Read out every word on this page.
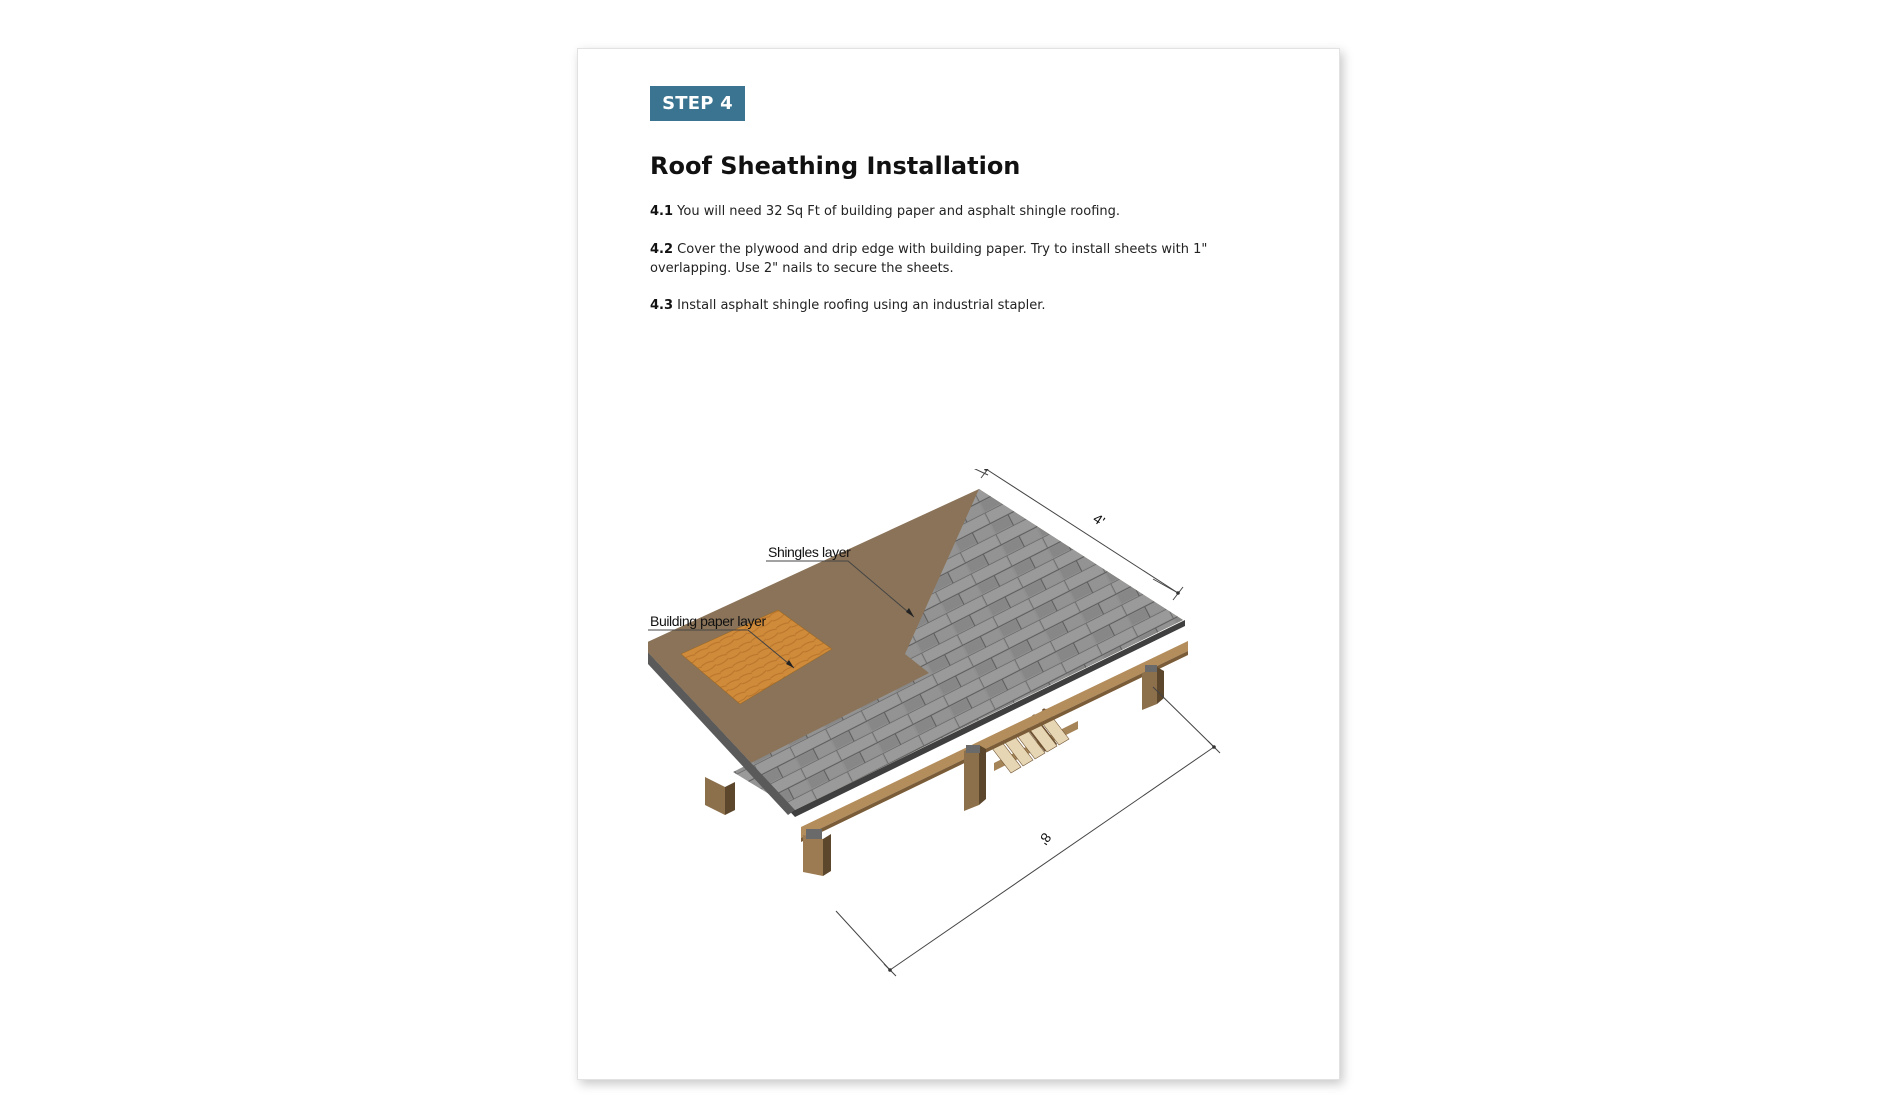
STEP 4
Roof Sheathing Installation

4.1 You will need 32 Sq Ft of building paper and asphalt shingle roofing.

4.2 Cover the plywood and drip edge with building paper. Try to install sheets with 1" overlapping. Use 2" nails to secure the sheets.

4.3 Install asphalt shingle roofing using an industrial stapler.

Shingles layer
Building paper layer
4'
8'
